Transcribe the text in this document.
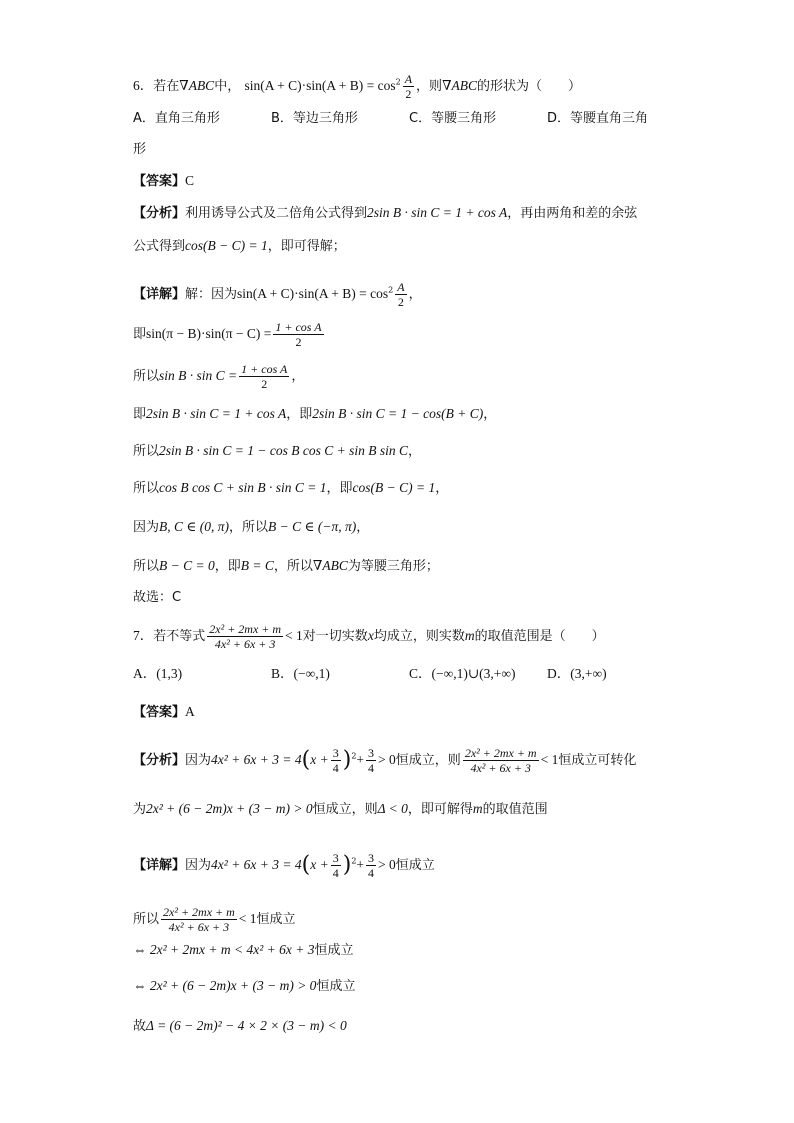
6．若在∇ABC中， $\sin(A + C)\cdot\sin(A + B) = \cos^2 \frac{A}{2}$ ，则∇ABC的形状为（　　）
A．直角三角形	B．等边三角形	C．等腰三角形	D．等腰直角三角
形
【答案】C
【分析】利用诱导公式及二倍角公式得到2sin B · sin C = 1 + cos A，再由两角和差的余弦
公式得到cos(B − C) = 1，即可得解；
【详解】解：因为$\sin(A + C)\cdot\sin(A + B) = \cos^2 \frac{A}{2}$ ，
即$\sin(\pi - B)\cdot\sin(\pi - C) = \frac{\text{1 + cos A}}{2}$
所以$\sin B \cdot \sin C = \frac{\text{1 + cos A}}{2}$ ，
即2sin B · sin C = 1 + cos A，即2sin B · sin C = 1 − cos(B + C)，
所以2sin B · sin C = 1 − cos B cos C + sin B sin C，
所以cos B cos C + sin B · sin C = 1，即cos(B − C) = 1，
因为B, C ∈ (0, π)，所以B − C ∈ (−π, π)，
所以B − C = 0，即B = C，所以∇ABC为等腰三角形；
故选：C
7．若不等式 $\frac{\text{2x² + 2mx + m}}{\text{4x² + 6x + 3}} < 1$对一切实数x均成立，则实数m的取值范围是（　　）
A．(1,3)	B．(−∞,1)	C．(−∞,1)∪(3,+∞) D．(3,+∞)
【答案】A
【分析】因为$4x^2 + 6x + 3 = 4(x + \frac{3}{4} )^2+ \frac{3}{4} > 0$恒成立，则 $\frac{\text{2x² + 2mx + m}}{\text{4x² + 6x + 3}} < 1$恒成立可转化
为2x² + (6 − 2m)x + (3 − m) > 0恒成立，则Δ < 0，即可解得m的取值范围
【详解】因为$4x^2 + 6x + 3 = 4(x + \frac{3}{4} )^2+ \frac{3}{4} > 0$恒成立
所以 $\frac{\text{2x² + 2mx + m}}{\text{4x² + 6x + 3}} < 1$恒成立
⇔ 2x² + 2mx + m < 4x² + 6x + 3恒成立
⇔ 2x² + (6 − 2m)x + (3 − m) > 0恒成立
故Δ = (6 − 2m)² − 4 × 2 × (3 − m) < 0
